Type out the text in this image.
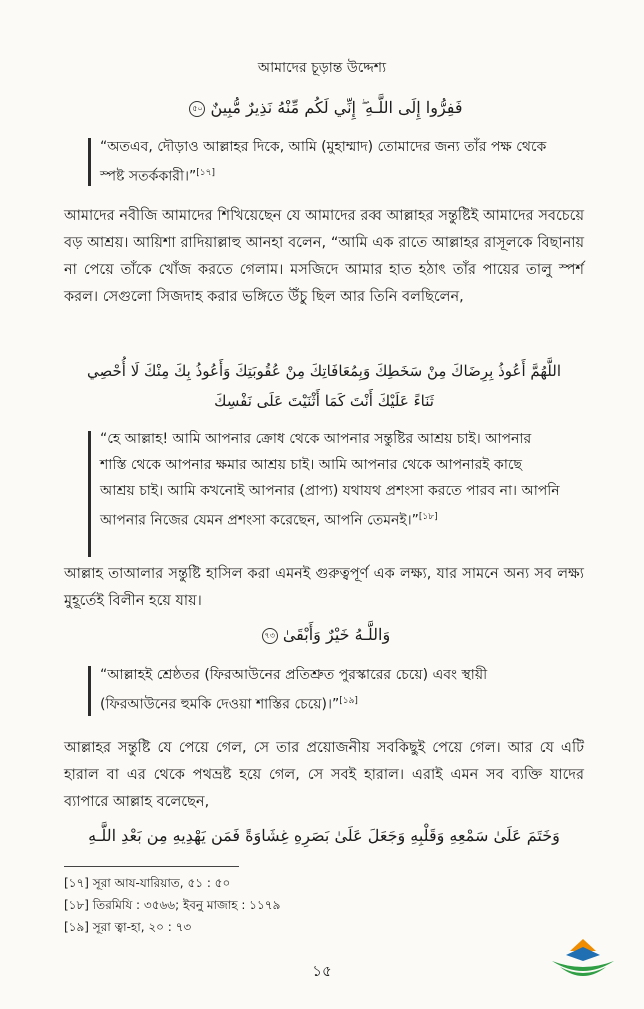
আমাদের চূড়ান্ত উদ্দেশ্য
فَفِرُّوا إِلَى اللَّـهِ ۖ إِنِّي لَكُم مِّنْهُ نَذِيرٌ مُّبِينٌ ৫০
“অতএব, দৌড়াও আল্লাহর দিকে, আমি (মুহাম্মাদ) তোমাদের জন্য তাঁর পক্ষ থেকে স্পষ্ট সতর্ককারী।”[১৭]
আমাদের নবীজি আমাদের শিখিয়েছেন যে আমাদের রব্ব আল্লাহর সন্তুষ্টিই আমাদের সবচেয়ে বড় আশ্রয়। আয়িশা রাদিয়াল্লাহু আনহা বলেন, “আমি এক রাতে আল্লাহর রাসূলকে বিছানায় না পেয়ে তাঁকে খোঁজ করতে গেলাম। মসজিদে আমার হাত হঠাৎ তাঁর পায়ের তালু স্পর্শ করল। সেগুলো সিজদাহ করার ভঙ্গিতে উঁচু ছিল আর তিনি বলছিলেন,
اللَّهُمَّ أَعُوذُ بِرِضَاكَ مِنْ سَخَطِكَ وَبِمُعَافَاتِكَ مِنْ عُقُوبَتِكَ وَأَعُوذُ بِكَ مِنْكَ لَا أُحْصِي
ثَنَاءً عَلَيْكَ أَنْتَ كَمَا أَثْنَيْتَ عَلَى نَفْسِكَ
“হে আল্লাহ! আমি আপনার ক্রোধ থেকে আপনার সন্তুষ্টির আশ্রয় চাই। আপনার শাস্তি থেকে আপনার ক্ষমার আশ্রয় চাই। আমি আপনার থেকে আপনারই কাছে আশ্রয় চাই। আমি কখনোই আপনার (প্রাপ্য) যথাযথ প্রশংসা করতে পারব না। আপনি আপনার নিজের যেমন প্রশংসা করেছেন, আপনি তেমনই।”[১৮]
আল্লাহ তাআলার সন্তুষ্টি হাসিল করা এমনই গুরুত্বপূর্ণ এক লক্ষ্য, যার সামনে অন্য সব লক্ষ্য মুহূর্তেই বিলীন হয়ে যায়।
وَاللَّـهُ خَيْرٌ وَأَبْقَىٰ ৭৩
“আল্লাহই শ্রেষ্ঠতর (ফিরআউনের প্রতিশ্রুত পুরস্কারের চেয়ে) এবং স্থায়ী (ফিরআউনের হুমকি দেওয়া শাস্তির চেয়ে)।”[১৯]
আল্লাহর সন্তুষ্টি যে পেয়ে গেল, সে তার প্রয়োজনীয় সবকিছুই পেয়ে গেল। আর যে এটি হারাল বা এর থেকে পথভ্রষ্ট হয়ে গেল, সে সবই হারাল। এরাই এমন সব ব্যক্তি যাদের ব্যাপারে আল্লাহ বলেছেন,
وَخَتَمَ عَلَىٰ سَمْعِهِ وَقَلْبِهِ وَجَعَلَ عَلَىٰ بَصَرِهِ غِشَاوَةً فَمَن يَهْدِيهِ مِن بَعْدِ اللَّـهِ
[১৭] সূরা আয-যারিয়াত, ৫১ : ৫০
[১৮] তিরমিযি : ৩৫৬৬; ইবনু মাজাহ : ১১৭৯
[১৯] সূরা ত্বা-হা, ২০ : ৭৩
১৫
